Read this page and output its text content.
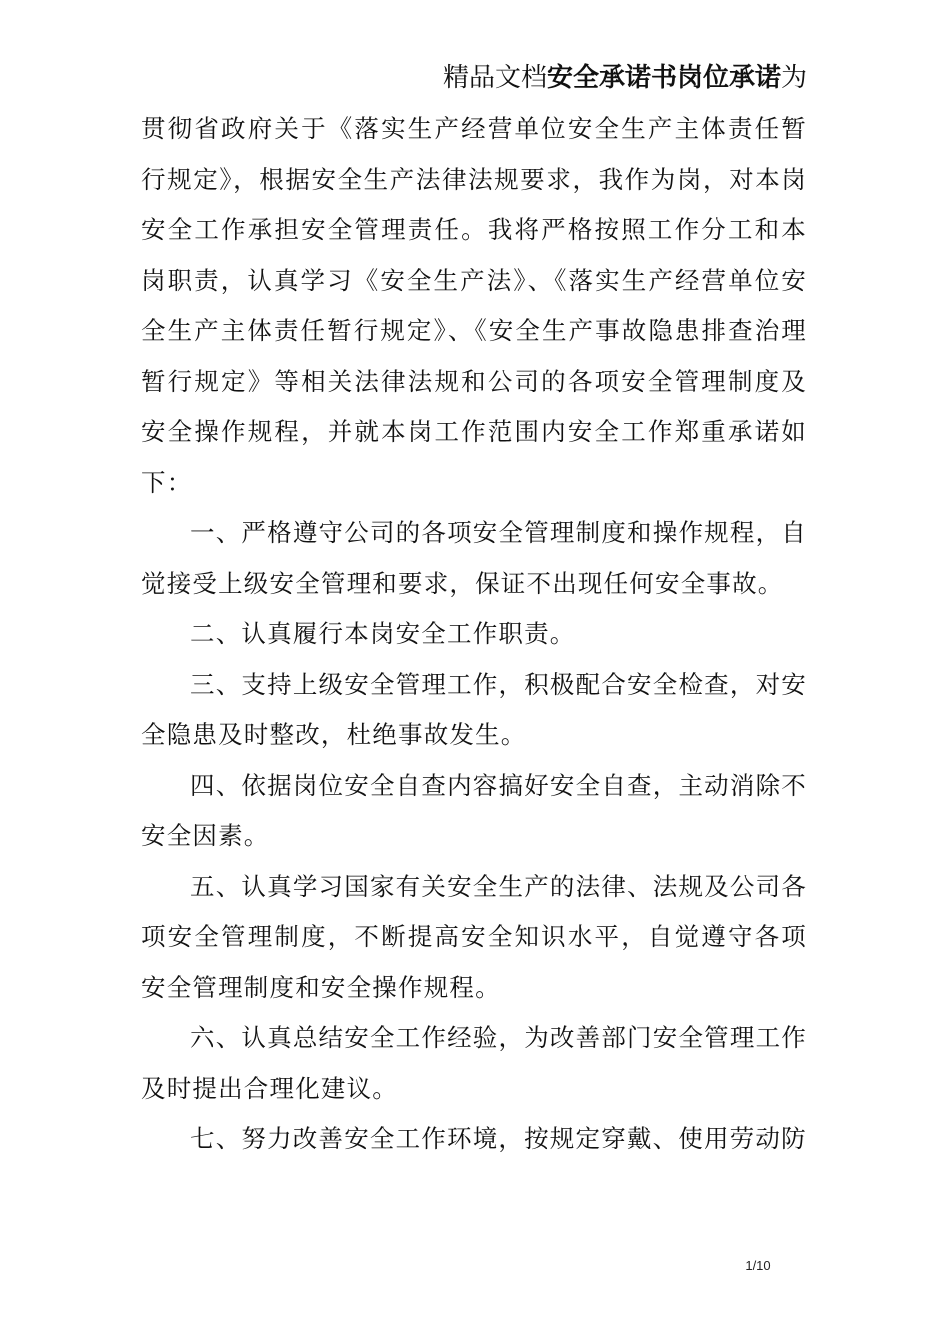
精品文档安全承诺书岗位承诺为

贯彻省政府关于《落实生产经营单位安全生产主体责任暂行规定》，根据安全生产法律法规要求，我作为岗，对本岗安全工作承担安全管理责任。我将严格按照工作分工和本岗职责，认真学习《安全生产法》、《落实生产经营单位安全生产主体责任暂行规定》、《安全生产事故隐患排查治理暂行规定》等相关法律法规和公司的各项安全管理制度及安全操作规程，并就本岗工作范围内安全工作郑重承诺如下：

一、严格遵守公司的各项安全管理制度和操作规程，自觉接受上级安全管理和要求，保证不出现任何安全事故。

二、认真履行本岗安全工作职责。

三、支持上级安全管理工作，积极配合安全检查，对安全隐患及时整改，杜绝事故发生。

四、依据岗位安全自查内容搞好安全自查，主动消除不安全因素。

五、认真学习国家有关安全生产的法律、法规及公司各项安全管理制度，不断提高安全知识水平，自觉遵守各项安全管理制度和安全操作规程。

六、认真总结安全工作经验，为改善部门安全管理工作及时提出合理化建议。

七、努力改善安全工作环境，按规定穿戴、使用劳动防

1/10
